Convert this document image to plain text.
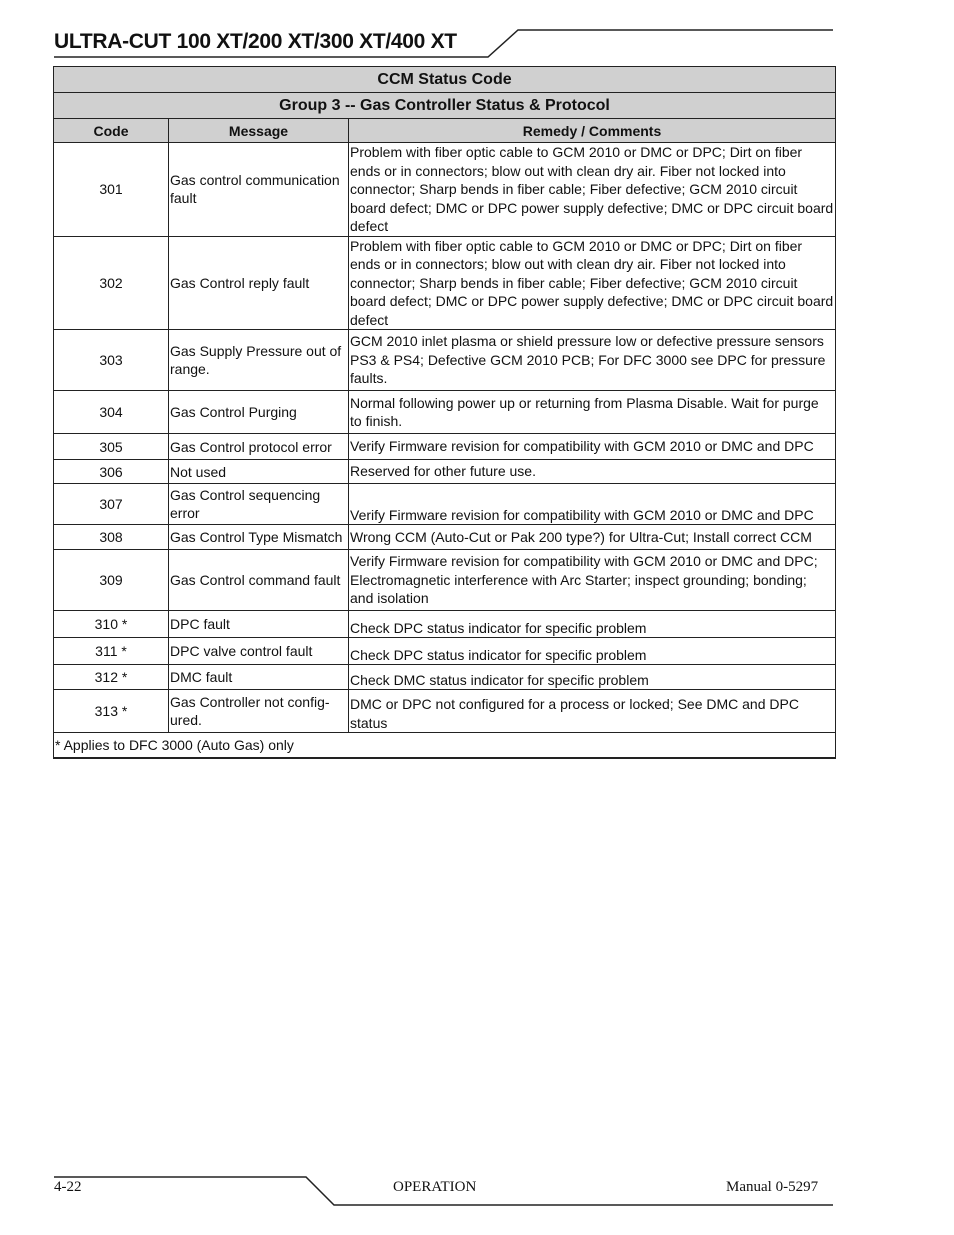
ULTRA-CUT 100 XT/200 XT/300 XT/400 XT
CCM Status Code		
Group 3 -- Gas Controller Status & Protocol		
Code	Message	Remedy / Comments
301	Gas control communication fault	Problem with fiber optic cable to GCM 2010 or DMC or DPC; Dirt on fiber ends or in connectors; blow out with clean dry air. Fiber not locked into connector; Sharp bends in fiber cable; Fiber defective; GCM 2010 circuit board defect; DMC or DPC power supply defective; DMC or DPC circuit board defect
302	Gas Control reply fault	Problem with fiber optic cable to GCM 2010 or DMC or DPC; Dirt on fiber ends or in connectors; blow out with clean dry air. Fiber not locked into connector; Sharp bends in fiber cable; Fiber defective; GCM 2010 circuit board defect; DMC or DPC power supply defective; DMC or DPC circuit board defect
303	Gas Supply Pressure out of range.	GCM 2010 inlet plasma or shield pressure low or defective pressure sensors PS3 & PS4; Defective GCM 2010 PCB; For DFC 3000 see DPC for pressure faults.
304	Gas Control Purging	Normal following power up or returning from Plasma Disable. Wait for purge to finish.
305	Gas Control protocol error	Verify Firmware revision for compatibility with GCM 2010 or DMC and DPC
306	Not used	Reserved for other future use.
307	Gas Control sequencing error	Verify Firmware revision for compatibility with GCM 2010 or DMC and DPC
308	Gas Control Type Mismatch	Wrong CCM (Auto-Cut or Pak 200 type?) for Ultra-Cut; Install correct CCM
309	Gas Control command fault	Verify Firmware revision for compatibility with GCM 2010 or DMC and DPC; Electromagnetic interference with Arc Starter; inspect grounding; bonding; and isolation
310 *	DPC fault	Check DPC status indicator for specific problem
311 *	DPC valve control fault	Check DPC status indicator for specific problem
312 *	DMC fault	Check DMC status indicator for specific problem
313 *	Gas Controller not config-ured.	DMC or DPC not configured for a process or locked; See DMC and DPC status
* Applies to DFC 3000 (Auto Gas) only		
4-22	OPERATION	Manual 0-5297
